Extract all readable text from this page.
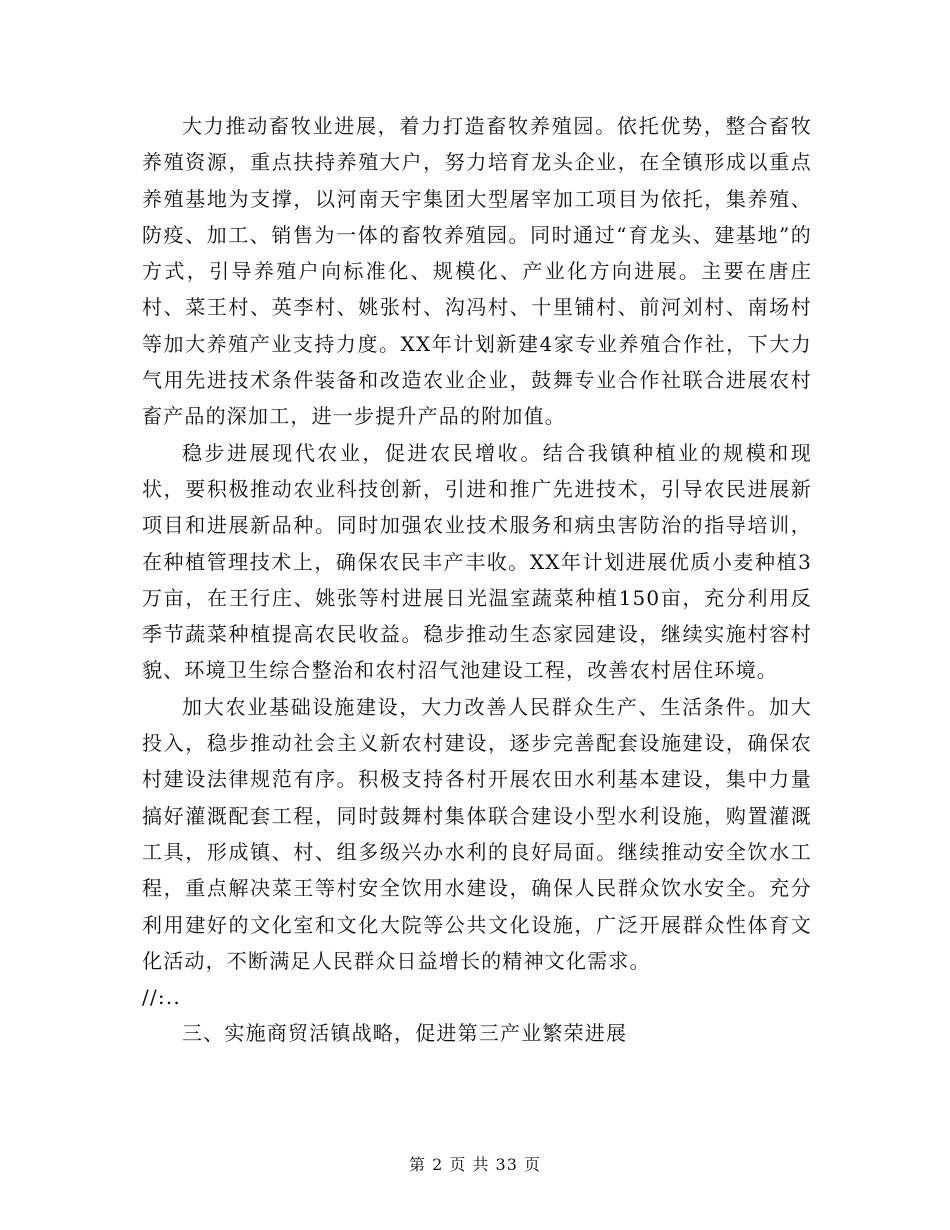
大力推动畜牧业进展，着力打造畜牧养殖园。依托优势，整合畜牧养殖资源，重点扶持养殖大户，努力培育龙头企业，在全镇形成以重点养殖基地为支撑，以河南天宇集团大型屠宰加工项目为依托，集养殖、防疫、加工、销售为一体的畜牧养殖园。同时通过“育龙头、建基地”的方式，引导养殖户向标准化、规模化、产业化方向进展。主要在唐庄村、菜王村、英李村、姚张村、沟冯村、十里铺村、前河刘村、南场村等加大养殖产业支持力度。XX年计划新建4家专业养殖合作社，下大力气用先进技术条件装备和改造农业企业，鼓舞专业合作社联合进展农村畜产品的深加工，进一步提升产品的附加值。

稳步进展现代农业，促进农民增收。结合我镇种植业的规模和现状，要积极推动农业科技创新，引进和推广先进技术，引导农民进展新项目和进展新品种。同时加强农业技术服务和病虫害防治的指导培训，在种植管理技术上，确保农民丰产丰收。XX年计划进展优质小麦种植3万亩，在王行庄、姚张等村进展日光温室蔬菜种植150亩，充分利用反季节蔬菜种植提高农民收益。稳步推动生态家园建设，继续实施村容村貌、环境卫生综合整治和农村沼气池建设工程，改善农村居住环境。

加大农业基础设施建设，大力改善人民群众生产、生活条件。加大投入，稳步推动社会主义新农村建设，逐步完善配套设施建设，确保农村建设法律规范有序。积极支持各村开展农田水利基本建设，集中力量搞好灌溉配套工程，同时鼓舞村集体联合建设小型水利设施，购置灌溉工具，形成镇、村、组多级兴办水利的良好局面。继续推动安全饮水工程，重点解决菜王等村安全饮用水建设，确保人民群众饮水安全。充分利用建好的文化室和文化大院等公共文化设施，广泛开展群众性体育文化活动，不断满足人民群众日益增长的精神文化需求。

//:..

三、实施商贸活镇战略，促进第三产业繁荣进展

第 2 页 共 33 页
